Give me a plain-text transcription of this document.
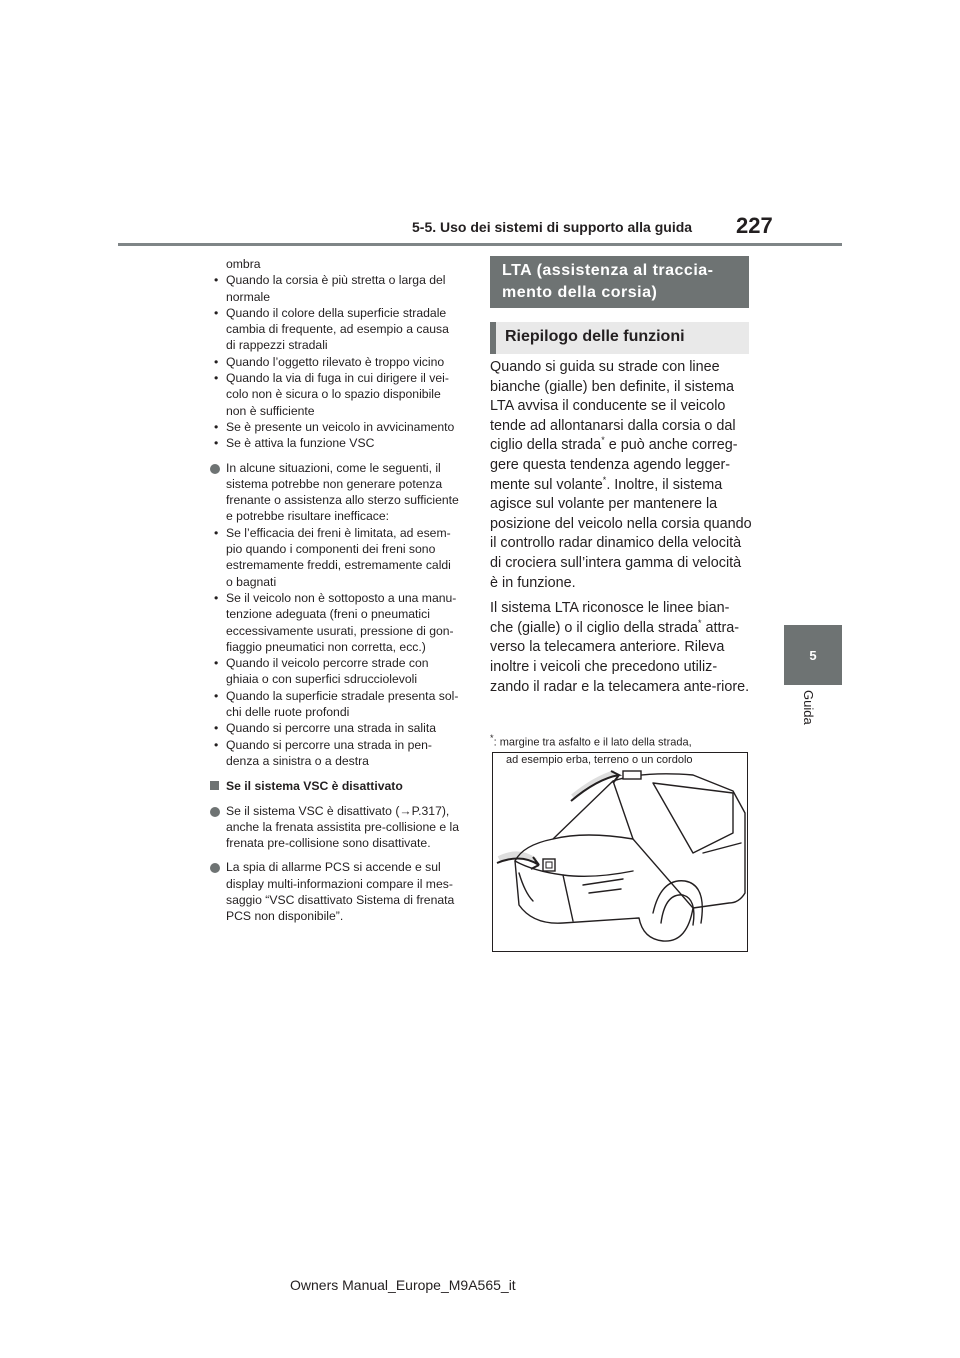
5-5. Uso dei sistemi di supporto alla guida 227
5
Guida

ombra

• Quando la corsia è più stretta o larga del
normale

• Quando il colore della superficie stradale
cambia di frequente, ad esempio a causa
di rappezzi stradali

• Quando l’oggetto rilevato è troppo vicino

• Quando la via di fuga in cui dirigere il vei-
colo non è sicura o lo spazio disponibile
non è sufficiente

• Se è presente un veicolo in avvicinamento

• Se è attiva la funzione VSC

In alcune situazioni, come le seguenti, il
sistema potrebbe non generare potenza
frenante o assistenza allo sterzo sufficiente
e potrebbe risultare inefficace:

• Se l’efficacia dei freni è limitata, ad esem-
pio quando i componenti dei freni sono
estremamente freddi, estremamente caldi
o bagnati

• Se il veicolo non è sottoposto a una manu-
tenzione adeguata (freni o pneumatici
eccessivamente usurati, pressione di gon-
fiaggio pneumatici non corretta, ecc.)

• Quando il veicolo percorre strade con
ghiaia o con superfici sdrucciolevoli

• Quando la superficie stradale presenta sol-
chi delle ruote profondi

• Quando si percorre una strada in salita

• Quando si percorre una strada in pen-
denza a sinistra o a destra

Se il sistema VSC è disattivato

Se il sistema VSC è disattivato (→P.317),
anche la frenata assistita pre-collisione e la
frenata pre-collisione sono disattivate.

La spia di allarme PCS si accende e sul
display multi-informazioni compare il mes-
saggio “VSC disattivato Sistema di frenata
PCS non disponibile”.

LTA (assistenza al traccia-
mento della corsia)
Riepilogo delle funzioni

Quando si guida su strade con linee bianche (gialle) ben definite, il sistema LTA avvisa il conducente se il veicolo tende ad allontanarsi dalla corsia o dal ciglio della strada* e può anche correg-gere questa tendenza agendo legger-mente sul volante*. Inoltre, il sistema agisce sul volante per mantenere la posizione del veicolo nella corsia quando il controllo radar dinamico della velocità di crociera sull’intera gamma di velocità è in funzione.

Il sistema LTA riconosce le linee bian-che (gialle) o il ciglio della strada* attra-verso la telecamera anteriore. Rileva inoltre i veicoli che precedono utiliz-zando il radar e la telecamera ante-riore.

*: margine tra asfalto e il lato della strada,
ad esempio erba, terreno o un cordolo
Owners Manual_Europe_M9A565_it
